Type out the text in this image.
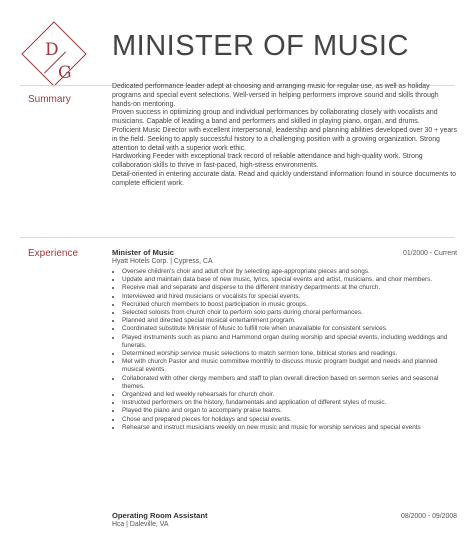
D
G
MINISTER OF MUSIC
Summary

Dedicated performance leader adept at choosing and arranging music for regular use, as well as holiday programs and special event selections. Well-versed in helping performers improve sound and skills through hands-on mentoring.

Proven success in optimizing group and individual performances by collaborating closely with vocalists and musicians. Capable of leading a band and performers and skilled in playing piano, organ, and drums.

Proficient Music Director with excellent interpersonal, leadership and planning abilities developed over 30 + years in the field. Seeking to apply successful history to a challenging position with a growing organization. Strong attention to detail with a superior work ethic.

Hardworking Feeder with exceptional track record of reliable attendance and high-quality work. Strong collaboration skills to thrive in fast-paced, high-stress environments.

Detail-oriented in entering accurate data. Read and quickly understand information found in source documents to complete efficient work.

Experience	Minister of Music	01/2000 - Current
Hyatt Hotels Corp. | Cypress, CA
• Oversee children's choir and adult choir by selecting age-appropriate pieces and songs.
• Update and maintain data base of new music, lyrics, special events and artist, musicians, and choir members.
• Receive mail and separate and disperse to the different ministry departments at the church.
• Interviewed and hired musicians or vocalists for special events.
• Recruited church members to boost participation in music groups.
• Selected soloists from church choir to perform solo parts during choral performances.
• Planned and directed special musical entertainment program.
• Coordinated substitute Minister of Music to fulfill role when unavailable for consistent services.
• Played instruments such as piano and Hammond organ during worship and special events, including weddings and funerals.
• Determined worship service music selections to match sermon tone, biblical stories and readings.
• Met with church Pastor and music committee monthly to discuss music program budget and needs and planned musical events.
• Collaborated with other clergy members and staff to plan overall direction based on sermon series and seasonal themes.
• Organized and led weekly rehearsals for church choir.
• Instructed performers on the history, fundamentals and application of different styles of music.
• Played the piano and organ to accompany praise teams.
• Chose and prepared pieces for holidays and special events.
• Rehearse and instruct musicians weekly on new music and music for worship services and special events
Operating Room Assistant	08/2000 - 09/2008
Hca | Daleville, VA
